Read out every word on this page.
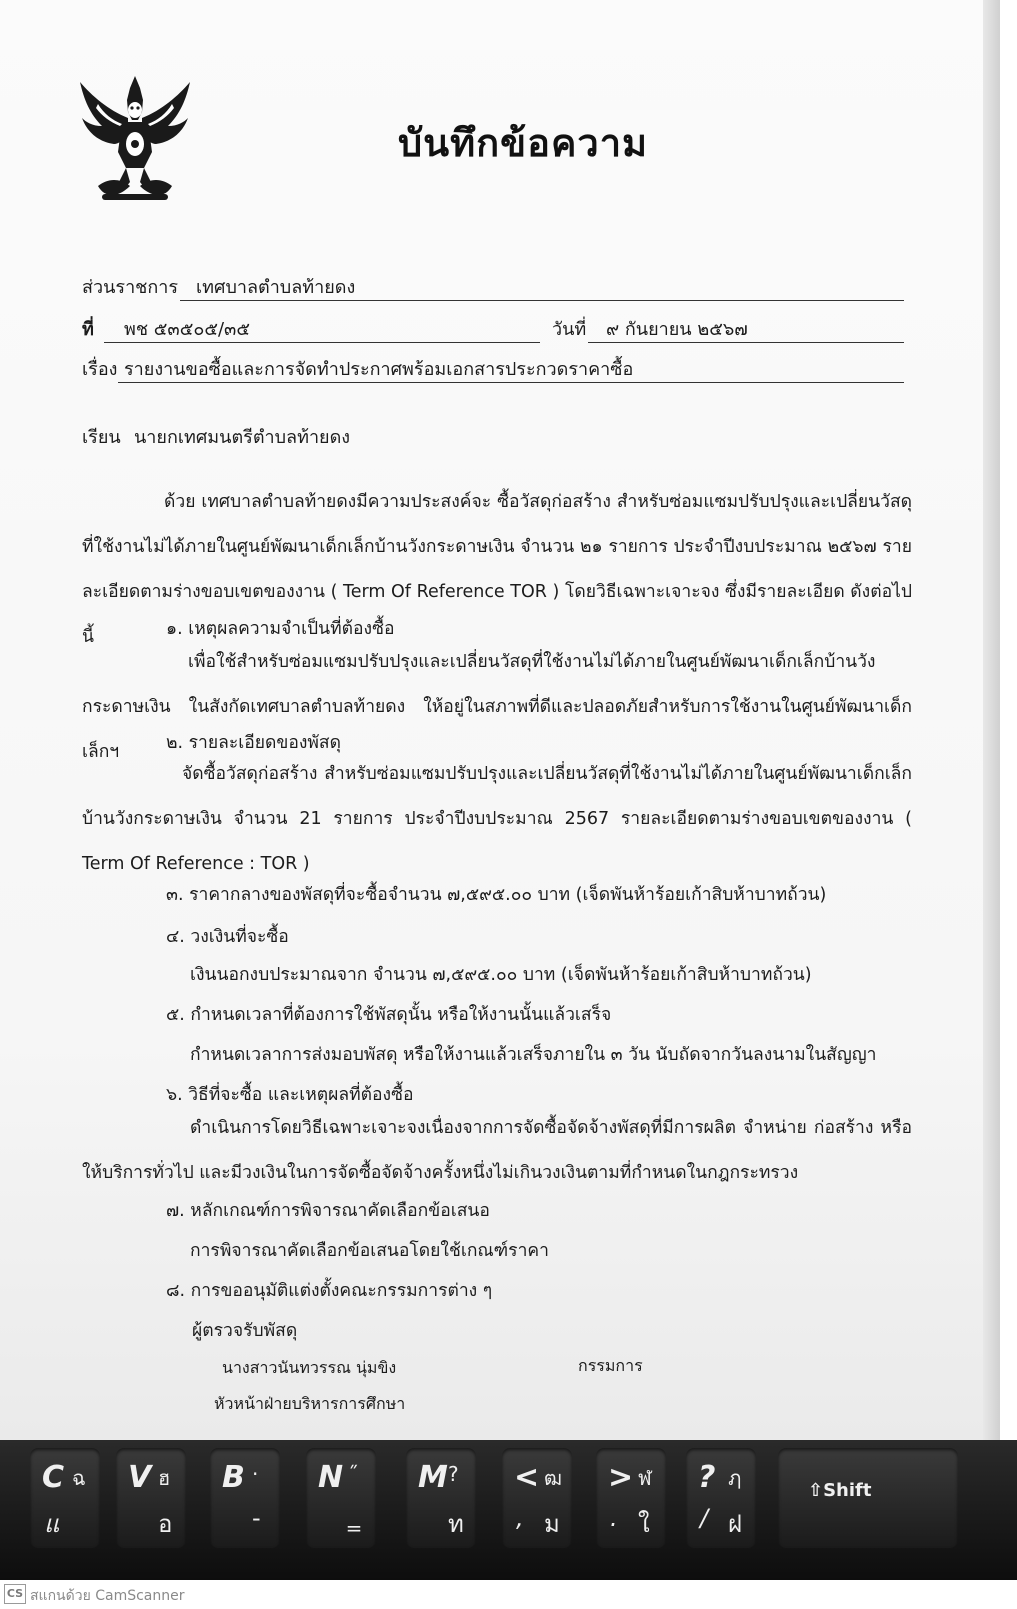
บันทึกข้อความ
ส่วนราชการ เทศบาลตำบลท้ายดง
ที่ พช ๕๓๕๐๕/๓๕	วันที่ ๙ กันยายน ๒๕๖๗
เรื่อง รายงานขอซื้อและการจัดทำประกาศพร้อมเอกสารประกวดราคาซื้อ
เรียน นายกเทศมนตรีตำบลท้ายดง
ด้วย เทศบาลตำบลท้ายดงมีความประสงค์จะ ซื้อวัสดุก่อสร้าง สำหรับซ่อมแซมปรับปรุงและเปลี่ยนวัสดุที่ใช้งานไม่ได้ภายในศูนย์พัฒนาเด็กเล็กบ้านวังกระดาษเงิน จำนวน ๒๑ รายการ ประจำปีงบประมาณ ๒๕๖๗ รายละเอียดตามร่างขอบเขตของงาน ( Term Of Reference TOR ) โดยวิธีเฉพาะเจาะจง ซึ่งมีรายละเอียด ดังต่อไปนี้	๑. เหตุผลความจำเป็นที่ต้องซื้อ
เพื่อใช้สำหรับซ่อมแซมปรับปรุงและเปลี่ยนวัสดุที่ใช้งานไม่ได้ภายในศูนย์พัฒนาเด็กเล็กบ้านวังกระดาษเงิน ในสังกัดเทศบาลตำบลท้ายดง ให้อยู่ในสภาพที่ดีและปลอดภัยสำหรับการใช้งานในศูนย์พัฒนาเด็กเล็กฯ	๒. รายละเอียดของพัสดุ
จัดซื้อวัสดุก่อสร้าง สำหรับซ่อมแซมปรับปรุงและเปลี่ยนวัสดุที่ใช้งานไม่ได้ภายในศูนย์พัฒนาเด็กเล็กบ้านวังกระดาษเงิน จำนวน 21 รายการ ประจำปีงบประมาณ 2567 รายละเอียดตามร่างขอบเขตของงาน ( Term Of Reference : TOR )
๓. ราคากลางของพัสดุที่จะซื้อจำนวน ๗,๕๙๕.๐๐ บาท (เจ็ดพันห้าร้อยเก้าสิบห้าบาทถ้วน)
๔. วงเงินที่จะซื้อ
เงินนอกงบประมาณจาก จำนวน ๗,๕๙๕.๐๐ บาท (เจ็ดพันห้าร้อยเก้าสิบห้าบาทถ้วน)
๕. กำหนดเวลาที่ต้องการใช้พัสดุนั้น หรือให้งานนั้นแล้วเสร็จ
กำหนดเวลาการส่งมอบพัสดุ หรือให้งานแล้วเสร็จภายใน ๓ วัน นับถัดจากวันลงนามในสัญญา
๖. วิธีที่จะซื้อ และเหตุผลที่ต้องซื้อ
ดำเนินการโดยวิธีเฉพาะเจาะจงเนื่องจากการจัดซื้อจัดจ้างพัสดุที่มีการผลิต จำหน่าย ก่อสร้าง หรือให้บริการทั่วไป และมีวงเงินในการจัดซื้อจัดจ้างครั้งหนึ่งไม่เกินวงเงินตามที่กำหนดในกฎกระทรวง
๗. หลักเกณฑ์การพิจารณาคัดเลือกข้อเสนอ
การพิจารณาคัดเลือกข้อเสนอโดยใช้เกณฑ์ราคา
๘. การขออนุมัติแต่งตั้งคณะกรรมการต่าง ๆ
ผู้ตรวจรับพัสดุ
นางสาวนันทวรรณ นุ่มขิง	กรรมการ
หัวหน้าฝ่ายบริหารการศึกษา
C ฉ
แ
V ฮ
อ
B ·
‐
N ˝
‗
M ?
ท
< ฒ
, ม
> ฬ
. ใ
? ฦ
/ ฝ
⇧Shift
CS สแกนด้วย CamScanner
